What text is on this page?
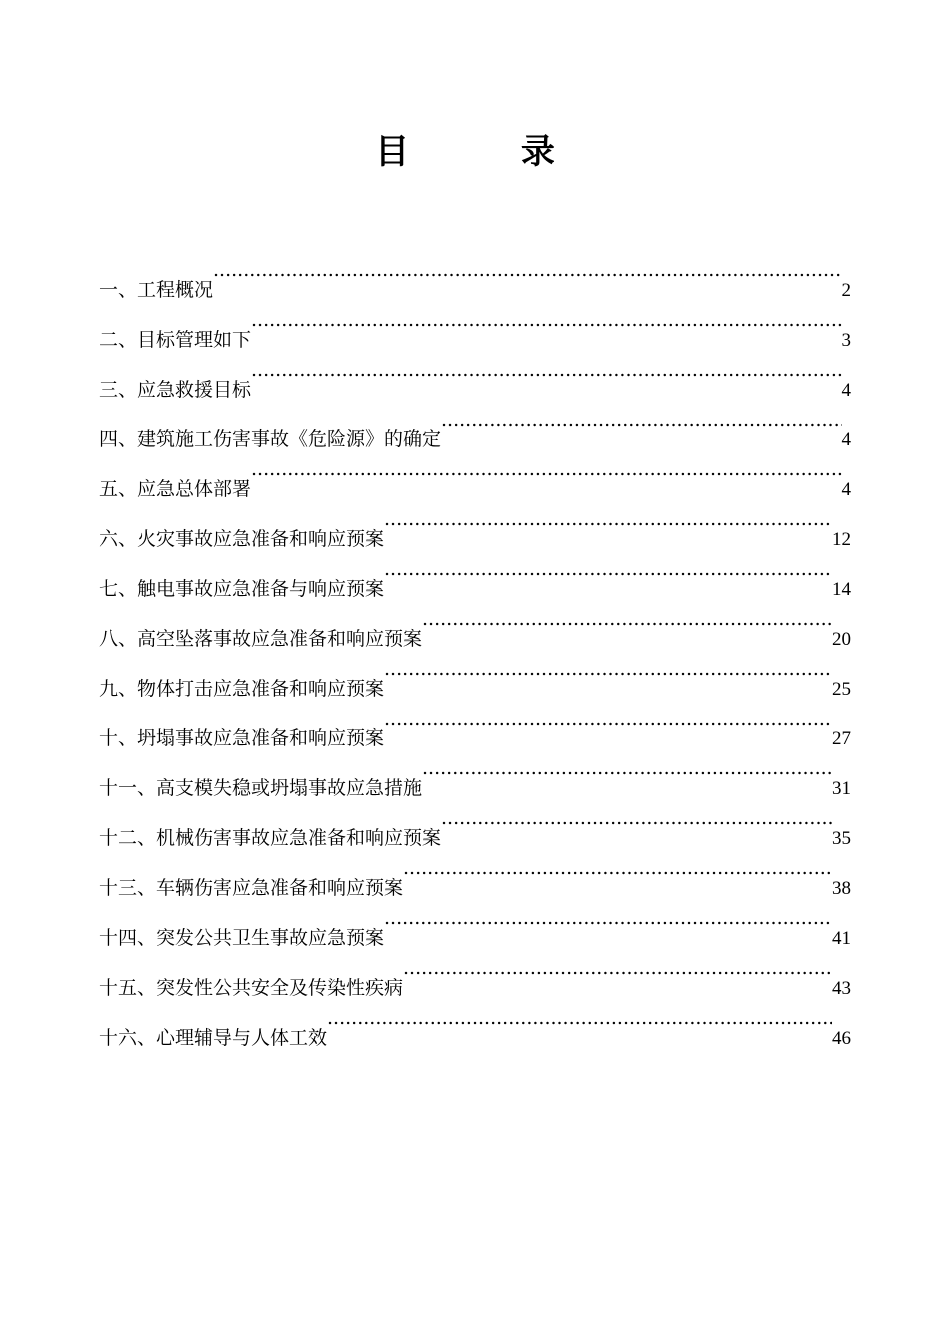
目 录
一、工程概况 .....	2
二、目标管理如下 .....	3
三、应急救援目标 .....	4
四、建筑施工伤害事故《危险源》的确定 .....	4
五、应急总体部署 .....	4
六、火灾事故应急准备和响应预案 .....	12
七、触电事故应急准备与响应预案 .....	14
八、高空坠落事故应急准备和响应预案 .....	20
九、物体打击应急准备和响应预案 .....	25
十、坍塌事故应急准备和响应预案 .....	27
十一、高支模失稳或坍塌事故应急措施 .....	31
十二、机械伤害事故应急准备和响应预案 .....	35
十三、车辆伤害应急准备和响应预案 .....	38
十四、突发公共卫生事故应急预案 .....	41
十五、突发性公共安全及传染性疾病 .....	43
十六、心理辅导与人体工效 .....	46
